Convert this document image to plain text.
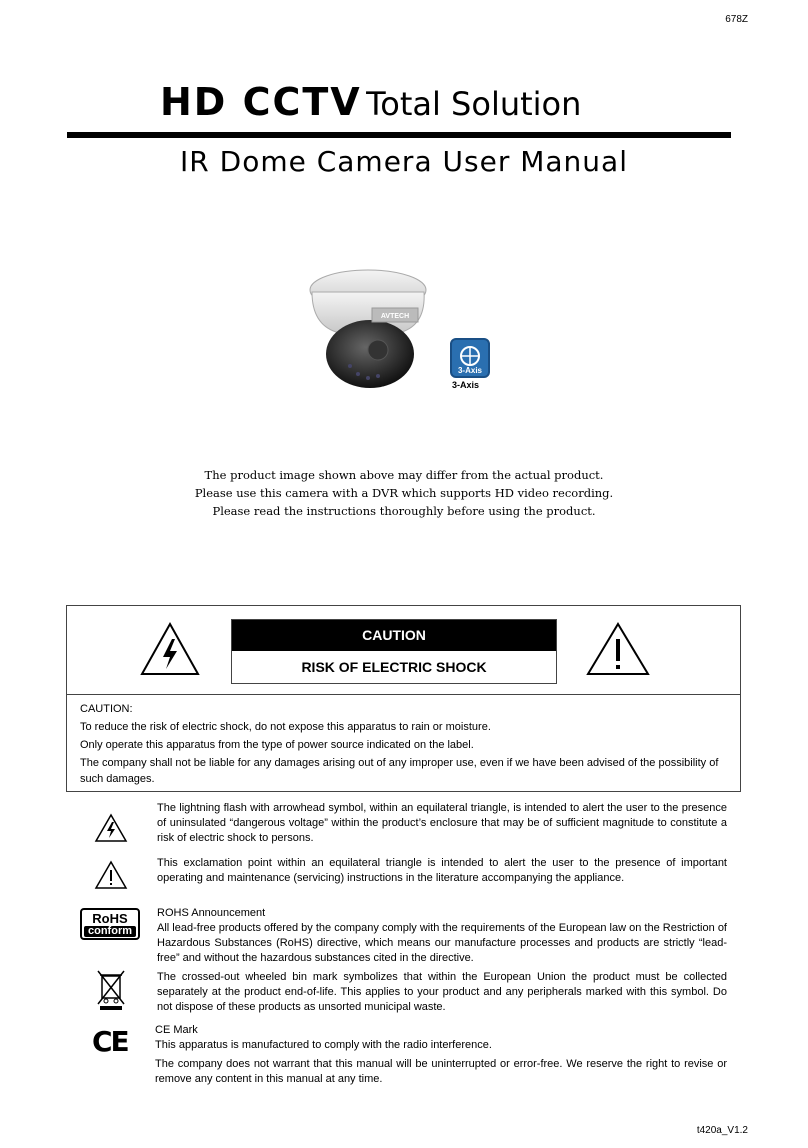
678Z
HD CCTV Total Solution
IR Dome Camera User Manual
AVTECH
3-Axis
3-Axis
The product image shown above may differ from the actual product.
Please use this camera with a DVR which supports HD video recording.
Please read the instructions thoroughly before using the product.
CAUTION
RISK OF ELECTRIC SHOCK

CAUTION:

To reduce the risk of electric shock, do not expose this apparatus to rain or moisture.

Only operate this apparatus from the type of power source indicated on the label.

The company shall not be liable for any damages arising out of any improper use, even if we have been advised of the possibility of such damages.

The lightning flash with arrowhead symbol, within an equilateral triangle, is intended to alert the user to the presence of uninsulated “dangerous voltage” within the product’s enclosure that may be of sufficient magnitude to constitute a risk of electric shock to persons.

This exclamation point within an equilateral triangle is intended to alert the user to the presence of important operating and maintenance (servicing) instructions in the literature accompanying the appliance.

RoHS
conform

ROHS Announcement

All lead-free products offered by the company comply with the requirements of the European law on the Restriction of Hazardous Substances (RoHS) directive, which means our manufacture processes and products are strictly “lead-free” and without the hazardous substances cited in the directive.

The crossed-out wheeled bin mark symbolizes that within the European Union the product must be collected separately at the product end-of-life. This applies to your product and any peripherals marked with this symbol. Do not dispose of these products as unsorted municipal waste.

CE CE Mark

This apparatus is manufactured to comply with the radio interference.

The company does not warrant that this manual will be uninterrupted or error-free. We reserve the right to revise or remove any content in this manual at any time.

t420a_V1.2
